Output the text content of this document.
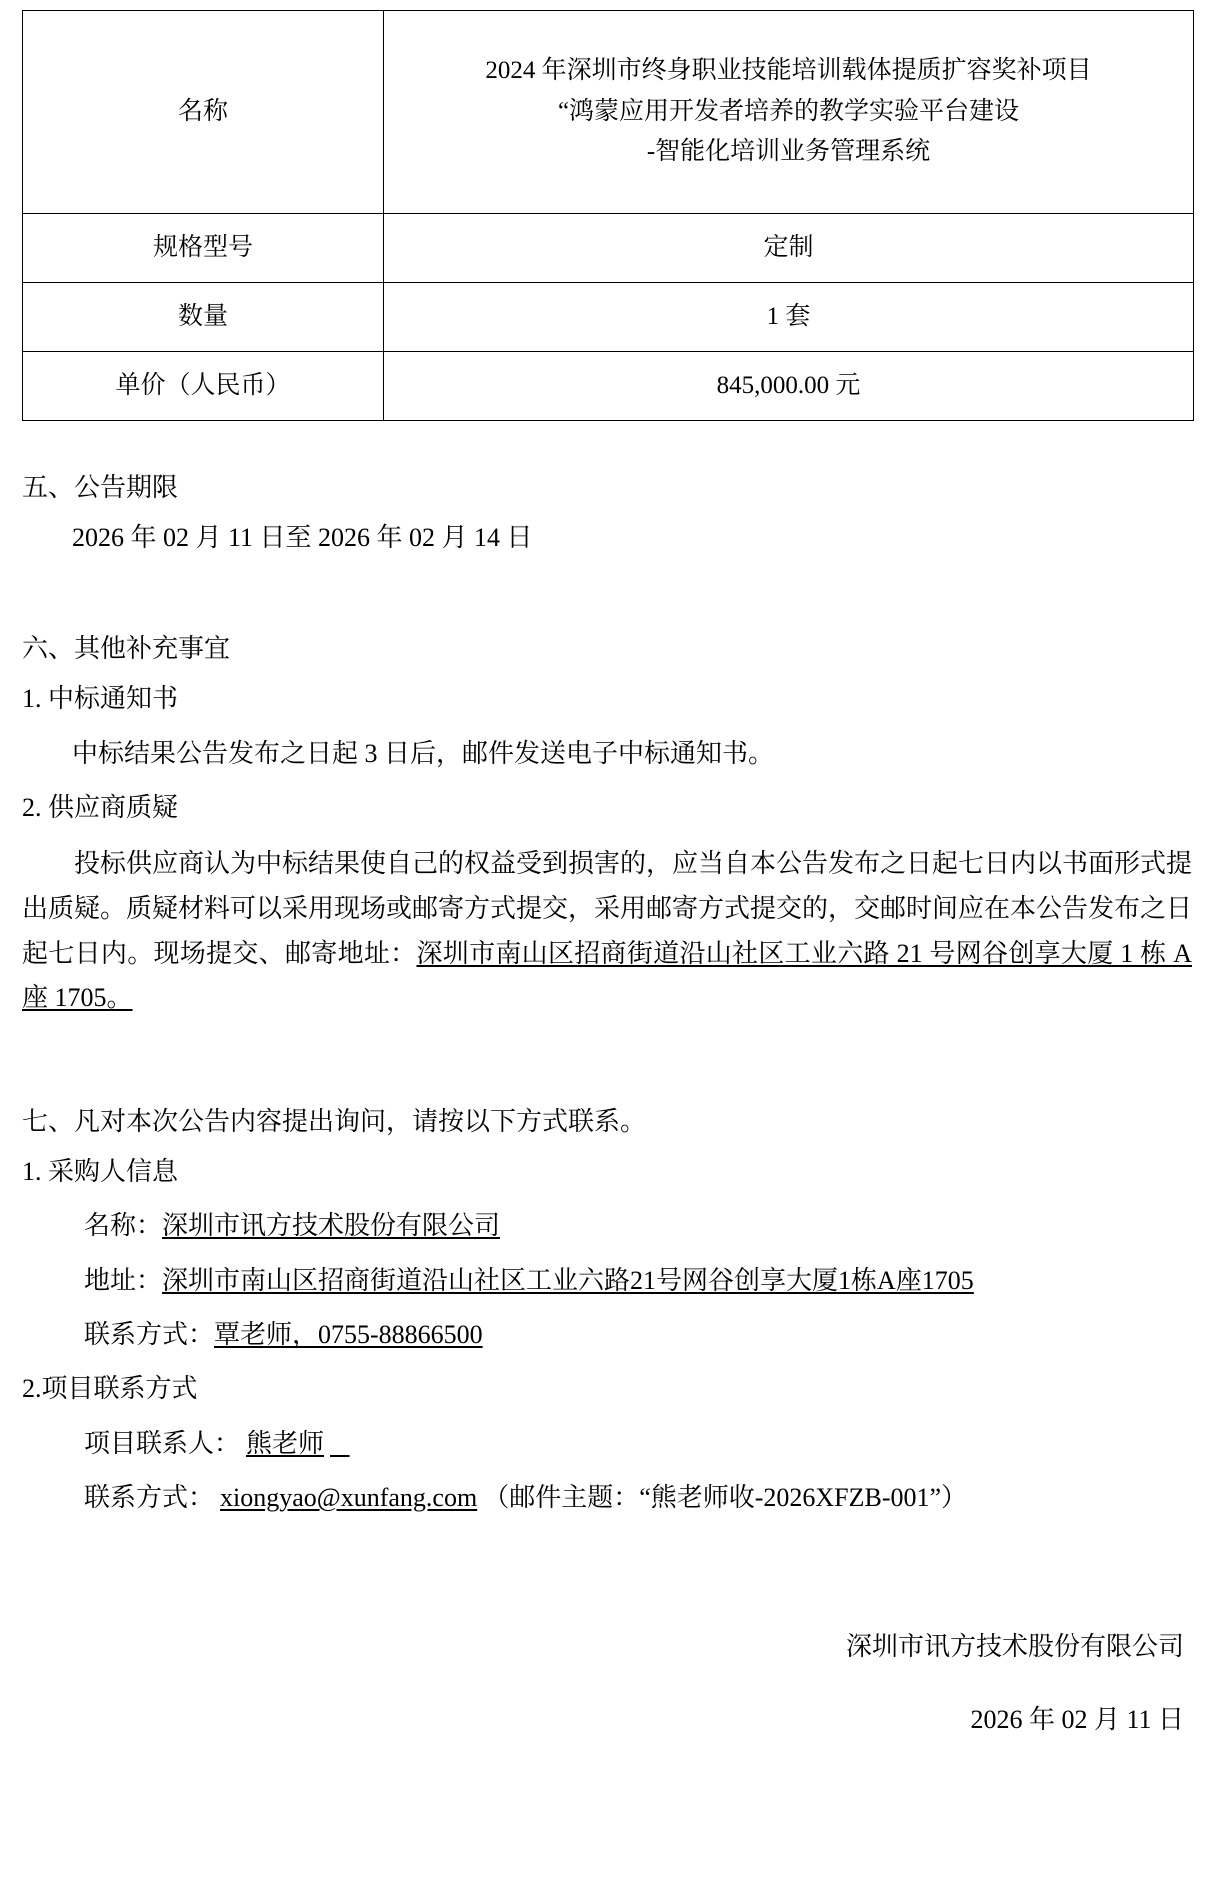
名称	2024 年深圳市终身职业技能培训载体提质扩容奖补项目
“鸿蒙应用开发者培养的教学实验平台建设
-智能化培训业务管理系统

规格型号	定制
数量	1 套
单价（人民币）	845,000.00 元

五、公告期限

2026 年 02 月 11 日至 2026 年 02 月 14 日

六、其他补充事宜

1. 中标通知书

中标结果公告发布之日起 3 日后，邮件发送电子中标通知书。

2. 供应商质疑

投标供应商认为中标结果使自己的权益受到损害的，应当自本公告发布之日起七日内以书面形式提出质疑。质疑材料可以采用现场或邮寄方式提交，采用邮寄方式提交的，交邮时间应在本公告发布之日起七日内。现场提交、邮寄地址：深圳市南山区招商街道沿山社区工业六路 21 号网谷创享大厦 1 栋 A 座 1705。

七、凡对本次公告内容提出询问，请按以下方式联系。

1. 采购人信息

名称：深圳市讯方技术股份有限公司

地址：深圳市南山区招商街道沿山社区工业六路21号网谷创享大厦1栋A座1705

联系方式：覃老师，0755-88866500

2.项目联系方式

项目联系人： 熊老师

联系方式： xiongyao@xunfang.com （邮件主题：“熊老师收-2026XFZB-001”）

深圳市讯方技术股份有限公司

2026 年 02 月 11 日
